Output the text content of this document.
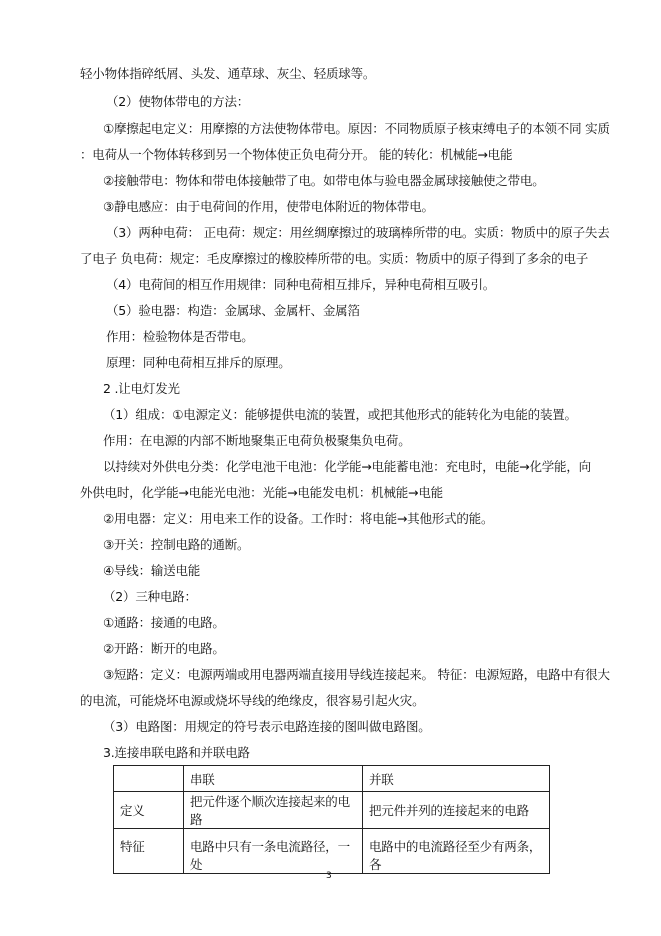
轻小物体指碎纸屑、头发、通草球、灰尘、轻质球等。
（2）使物体带电的方法：
①摩擦起电定义：用摩擦的方法使物体带电。原因：不同物质原子核束缚电子的本领不同 实质
：电荷从一个物体转移到另一个物体使正负电荷分开。 能的转化：机械能→电能
②接触带电：物体和带电体接触带了电。如带电体与验电器金属球接触使之带电。
③静电感应：由于电荷间的作用，使带电体附近的物体带电。
（3）两种电荷： 正电荷：规定：用丝绸摩擦过的玻璃棒所带的电。实质：物质中的原子失去
了电子 负电荷：规定：毛皮摩擦过的橡胶棒所带的电。实质：物质中的原子得到了多余的电子
（4）电荷间的相互作用规律：同种电荷相互排斥，异种电荷相互吸引。
（5）验电器：构造：金属球、金属杆、金属箔
作用：检验物体是否带电。
原理：同种电荷相互排斥的原理。
2 .让电灯发光
（1）组成：①电源定义：能够提供电流的装置，或把其他形式的能转化为电能的装置。
作用：在电源的内部不断地聚集正电荷负极聚集负电荷。
以持续对外供电分类：化学电池干电池：化学能→电能蓄电池：充电时，电能→化学能，向
外供电时，化学能→电能光电池：光能→电能发电机：机械能→电能
②用电器：定义：用电来工作的设备。工作时：将电能→其他形式的能。
③开关：控制电路的通断。
④导线：输送电能
（2）三种电路：
①通路：接通的电路。
②开路：断开的电路。
③短路：定义：电源两端或用电器两端直接用导线连接起来。 特征：电源短路，电路中有很大
的电流，可能烧坏电源或烧坏导线的绝缘皮，很容易引起火灾。
（3）电路图：用规定的符号表示电路连接的图叫做电路图。
3.连接串联电路和并联电路
	串联	并联
定义	把元件逐个顺次连接起来的电路	把元件并列的连接起来的电路
特征	电路中只有一条电流路径，一处	电路中的电流路径至少有两条，各
3
